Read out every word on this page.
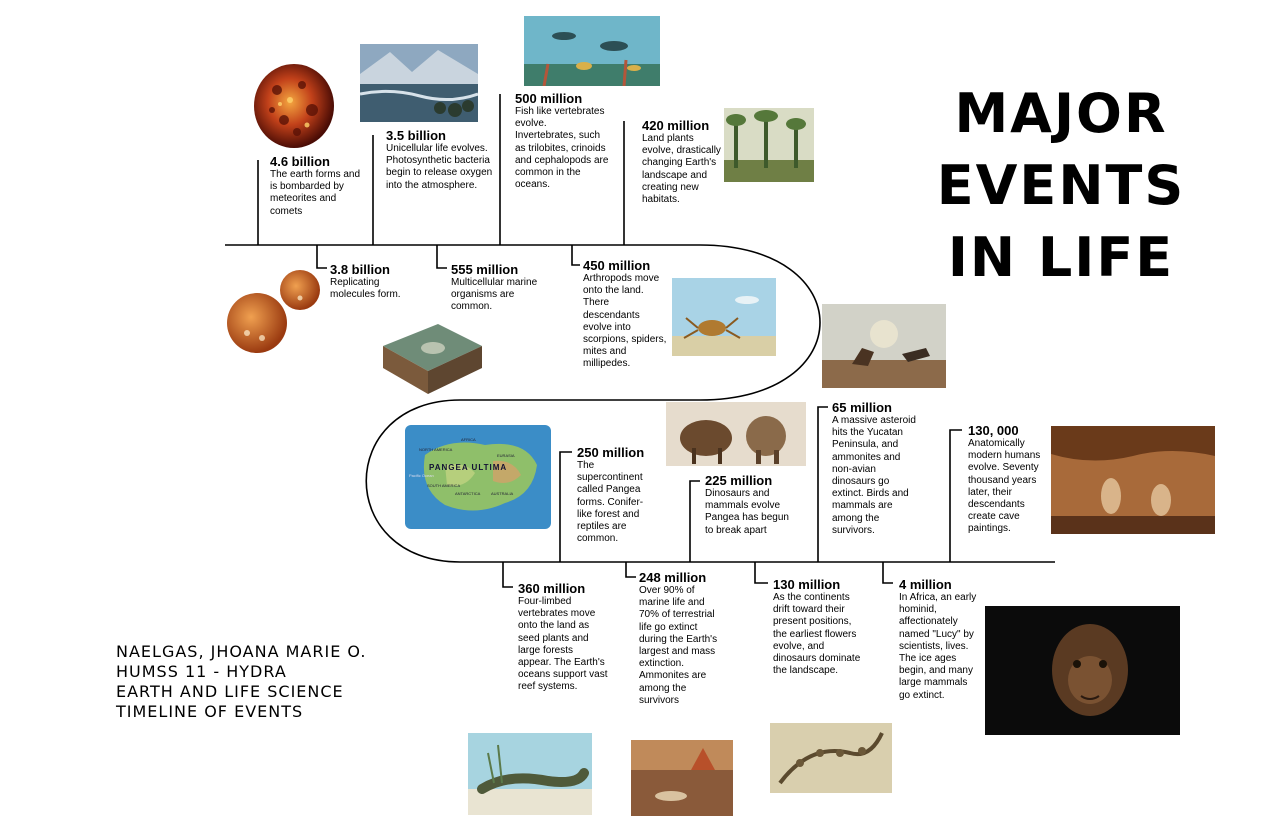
MAJOR
EVENTS
IN LIFE
NAELGAS, JHOANA MARIE O.
HUMSS 11 - HYDRA
EARTH AND LIFE SCIENCE
TIMELINE OF EVENTS
4.6 billion
The earth forms and is bombarded by meteorites and comets
3.8 billion
Replicating molecules form.
3.5 billion
Unicellular life evolves. Photosynthetic bacteria begin to release oxygen into the atmosphere.
555 million
Multicellular marine organisms are common.
500 million
Fish like vertebrates evolve. Invertebrates, such as trilobites, crinoids and cephalopods are common in the oceans.
450 million
Arthropods move onto the land. There descendants evolve into scorpions, spiders, mites and millipedes.
420 million
Land plants evolve, drastically changing Earth's landscape and creating new habitats.
360 million
Four-limbed vertebrates move onto the land as seed plants and large forests appear. The Earth's oceans support vast reef systems.
250 million
The supercontinent called Pangea forms. Conifer-like forest and reptiles are common.
248 million
Over 90% of marine life and 70% of terrestrial life go extinct during the Earth's largest and mass extinction. Ammonites are among the survivors
225 million
Dinosaurs and mammals evolve Pangea has begun to break apart
130 million
As the continents drift toward their present positions, the earliest flowers evolve, and dinosaurs dominate the landscape.
65 million
A massive asteroid hits the Yucatan Peninsula, and ammonites and non-avian dinosaurs go extinct. Birds and mammals are among the survivors.
4 million
In Africa, an early hominid, affectionately named "Lucy" by scientists, lives. The ice ages begin, and many large mammals go extinct.
130, 000
Anatomically modern humans evolve. Seventy thousand years later, their descendants create cave paintings.
PANGEA ULTIMA
NORTH AMERICA
SOUTH AMERICA
AFRICA
EURASIA
ANTARCTICA	AUSTRALIA
Pacific Ocean
